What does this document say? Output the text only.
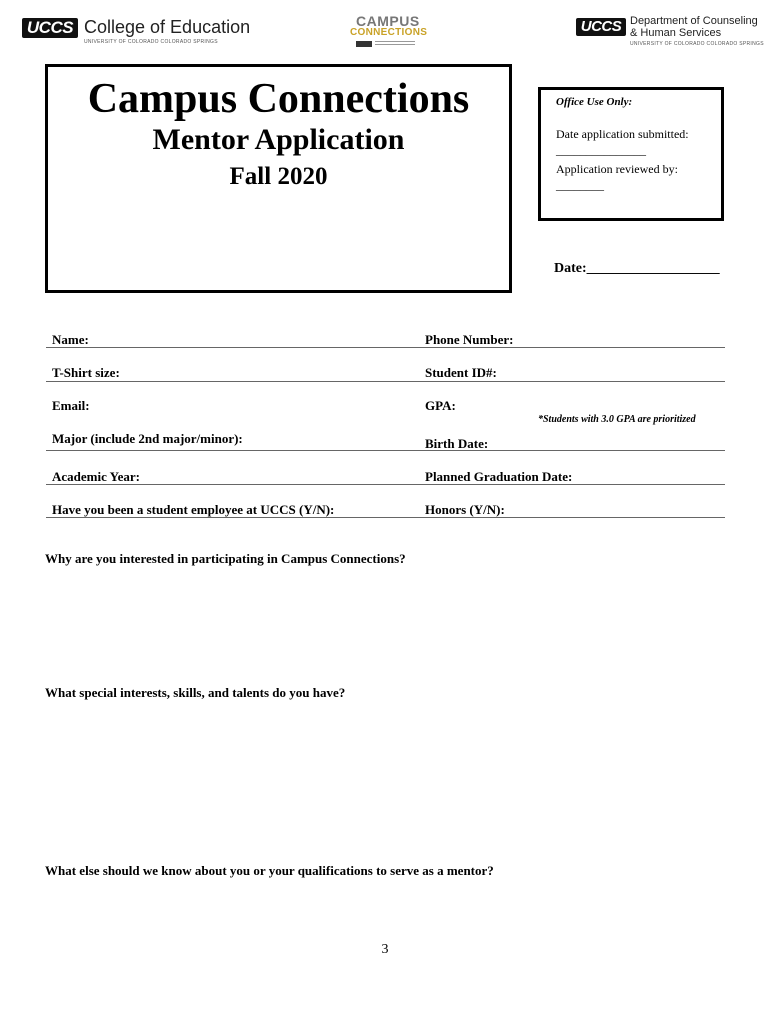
UCCS College of Education
UNIVERSITY OF COLORADO COLORADO SPRINGS
CAMPUS
CONNECTIONS	UCCS Department of Counseling
& Human Services
UNIVERSITY OF COLORADO COLORADO SPRINGS
Campus Connections
Mentor Application
Fall 2020
Office Use Only:
Date application submitted:
_______________
Application reviewed by:
________
Date:___________________
Name:	Phone Number:
T-Shirt size:	Student ID#:
Email:	GPA:
*Students with 3.0 GPA are prioritized
Major (include 2nd major/minor):	Birth Date:
Academic Year:	Planned Graduation Date:
Have you been a student employee at UCCS (Y/N):	Honors (Y/N):
Why are you interested in participating in Campus Connections?
What special interests, skills, and talents do you have?
What else should we know about you or your qualifications to serve as a mentor?
3
